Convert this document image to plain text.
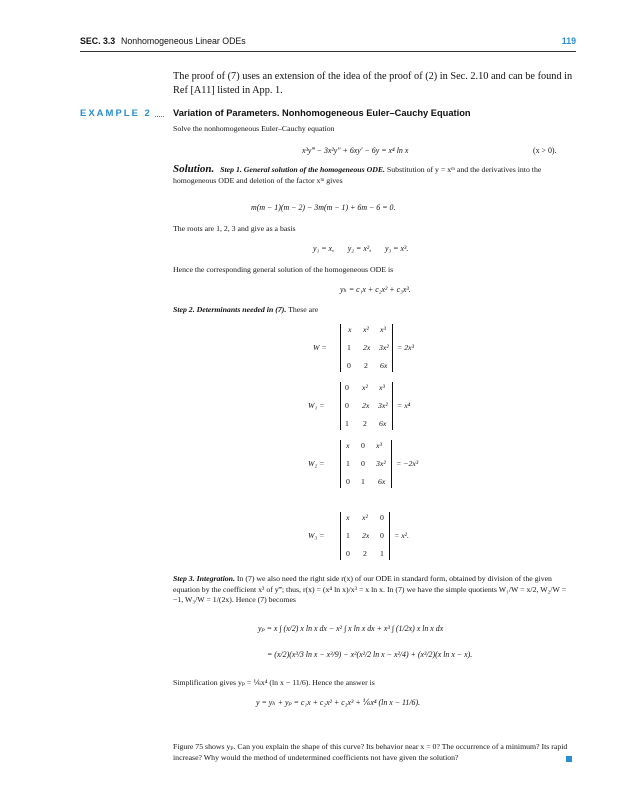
SEC. 3.3 Nonhomogeneous Linear ODEs	119
The proof of (7) uses an extension of the idea of the proof of (2) in Sec. 2.10 and can be found in Ref [A11] listed in App. 1.
EXAMPLE 2	Variation of Parameters. Nonhomogeneous Euler–Cauchy Equation
Solve the nonhomogeneous Euler–Cauchy equation
x³y‴ − 3x²y″ + 6xy′ − 6y = x⁴ ln x	(x > 0).
Solution. Step 1. General solution of the homogeneous ODE. Substitution of y = xᵐ and the derivatives into the homogeneous ODE and deletion of the factor xᵐ gives
m(m − 1)(m − 2) − 3m(m − 1) + 6m − 6 = 0.
The roots are 1, 2, 3 and give as a basis
y₁ = x,       y₂ = x²,       y₃ = x³.
Hence the corresponding general solution of the homogeneous ODE is
yₕ = c₁x + c₂x² + c₃x³.
Step 2. Determinants needed in (7). These are
W =
x x² x³
1 2x 3x²
0 2 6x
= 2x³
W₁ =
0 x² x³
0 2x 3x²
1 2 6x
= x⁴
W₂ =
x 0 x³
1 0 3x²
0 1 6x
= −2x³
W₃ =
x x² 0
1 2x 0
0 2 1
= x².
Step 3. Integration. In (7) we also need the right side r(x) of our ODE in standard form, obtained by division of the given equation by the coefficient x³ of y‴; thus, r(x) = (x⁴ ln x)/x³ = x ln x. In (7) we have the simple quotients W₁/W = x/2, W₂/W = −1, W₃/W = 1/(2x). Hence (7) becomes
yₚ = x ∫ (x/2) x ln x dx − x² ∫ x ln x dx + x³ ∫ (1/2x) x ln x dx
= (x/2)(x³/3 ln x − x³/9) − x²(x²/2 ln x − x²/4) + (x³/2)(x ln x − x).
Simplification gives yₚ = ⅙x⁴ (ln x − 11/6). Hence the answer is
y = yₕ + yₚ = c₁x + c₂x² + c₃x³ + ⅙x⁴ (ln x − 11/6).
Figure 75 shows yₚ. Can you explain the shape of this curve? Its behavior near x = 0? The occurrence of a minimum? Its rapid increase? Why would the method of undetermined coefficients not have given the solution?
